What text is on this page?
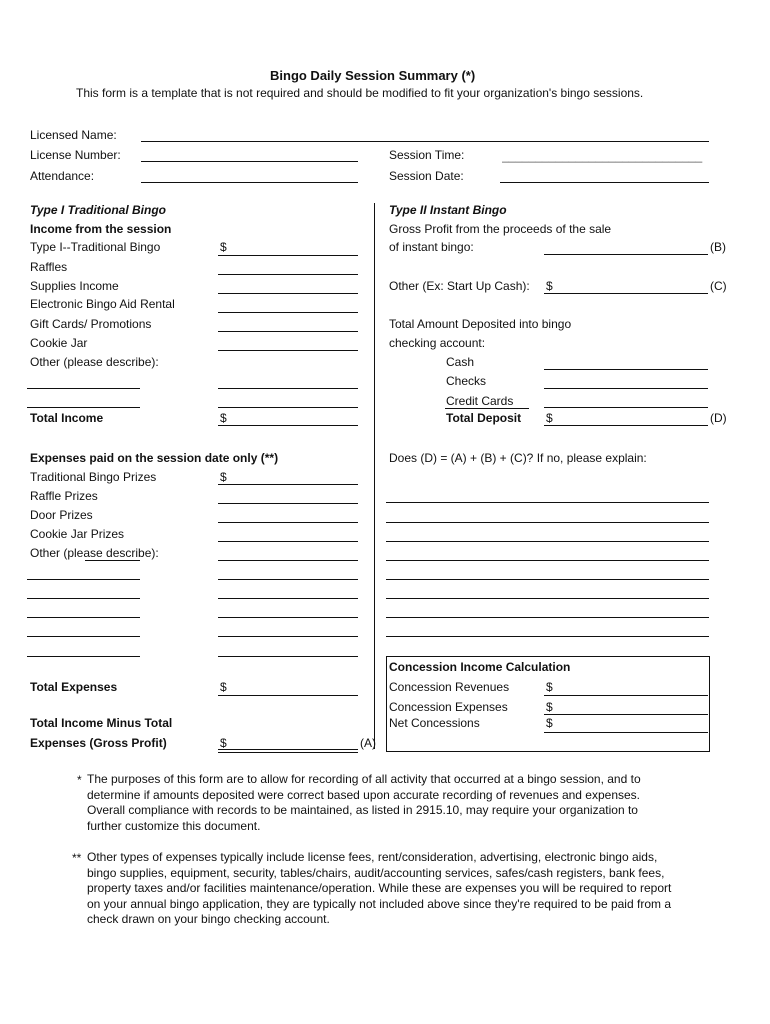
Bingo Daily Session Summary (*)
This form is a template that is not required and should be modified to fit your organization's bingo sessions.
Licensed Name:
License Number:
Attendance:
Session Time:	______________________________
Session Date:
Type I Traditional Bingo
Income from the session
Type I--Traditional Bingo	$
Raffles
Supplies Income
Electronic Bingo Aid Rental
Gift Cards/ Promotions
Cookie Jar
Other (please describe):
Total Income	$
Expenses paid on the session date only (**)
Traditional Bingo Prizes	$
Raffle Prizes
Door Prizes
Cookie Jar Prizes
Other (please describe):
Total Expenses	$
Total Income Minus Total
Expenses (Gross Profit)	$	(A)
Type II Instant Bingo
Gross Profit from the proceeds of the sale
of instant bingo:	(B)
Other (Ex: Start Up Cash): $	(C)
Total Amount Deposited into bingo
checking account:
Cash
Checks
Credit Cards
Total Deposit $	(D)
Does (D) = (A) + (B) + (C)? If no, please explain:
Concession Income Calculation
Concession Revenues	$
Concession Expenses	$
Net Concessions	$
* The purposes of this form are to allow for recording of all activity that occurred at a bingo session, and to
determine if amounts deposited were correct based upon accurate recording of revenues and expenses.
Overall compliance with records to be maintained, as listed in 2915.10, may require your organization to
further customize this document.
** Other types of expenses typically include license fees, rent/consideration, advertising, electronic bingo aids,
bingo supplies, equipment, security, tables/chairs, audit/accounting services, safes/cash registers, bank fees,
property taxes and/or facilities maintenance/operation. While these are expenses you will be required to report
on your annual bingo application, they are typically not included above since they're required to be paid from a
check drawn on your bingo checking account.
